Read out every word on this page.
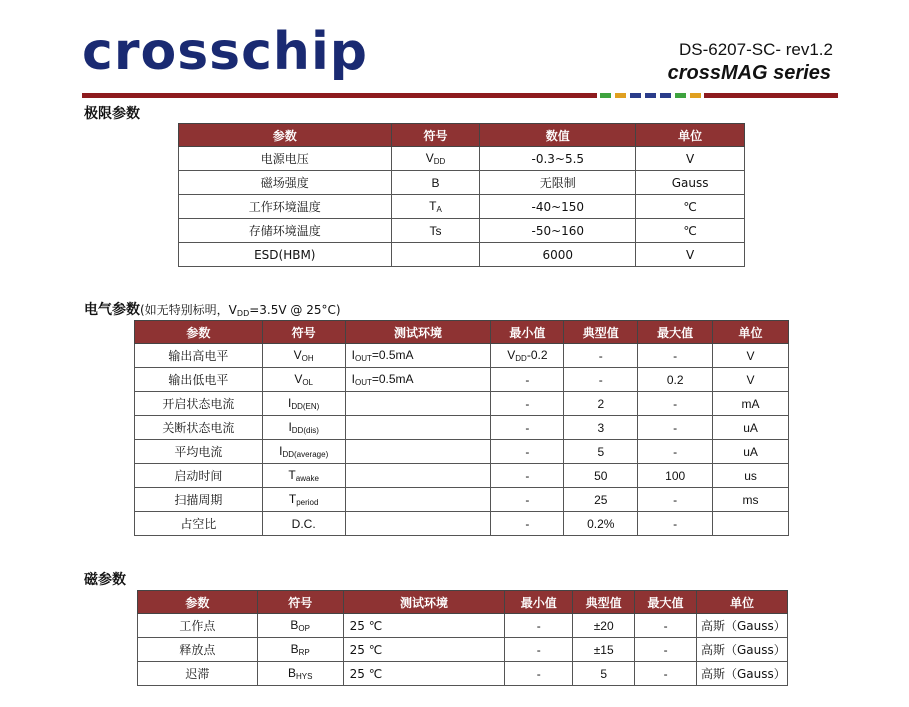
crosschip	DS-6207-SC- rev1.2
crossMAG series
极限参数
参数	符号	数值	单位
电源电压	$V_{DD}$	-0.3~5.5	V
磁场强度	B	无限制	Gauss
工作环境温度	$T_A$	-40~150	℃
存储环境温度	Ts	-50~160	℃
ESD(HBM)		6000	V
电气参数(如无特别标明，$V_{DD}=3.5V$ @ 25°C)
参数	符号	测试环境	最小值	典型值	最大值	单位
输出高电平	$V_{OH}$	$I_{OUT}=0.5mA$	$V_{DD}-0.2$	-	-	V
输出低电平	$V_{OL}$	$I_{OUT}=0.5mA$	-	-	0.2	V
开启状态电流	$I_{DD(EN)}$		-	2	-	mA
关断状态电流	$I_{DD(dis)}$		-	3	-	uA
平均电流	$I_{DD(average)}$		-	5	-	uA
启动时间	$T_{awake}$		-	50	100	us
扫描周期	$T_{period}$		-	25	-	ms
占空比	D.C.		-	0.2%	-	
磁参数
参数	符号	测试环境	最小值	典型值	最大值	单位
工作点	$B_{OP}$	25 ℃	-	±20	-	高斯（Gauss）
释放点	$B_{RP}$	25 ℃	-	±15	-	高斯（Gauss）
迟滞	$B_{HYS}$	25 ℃	-	5	-	高斯（Gauss）
